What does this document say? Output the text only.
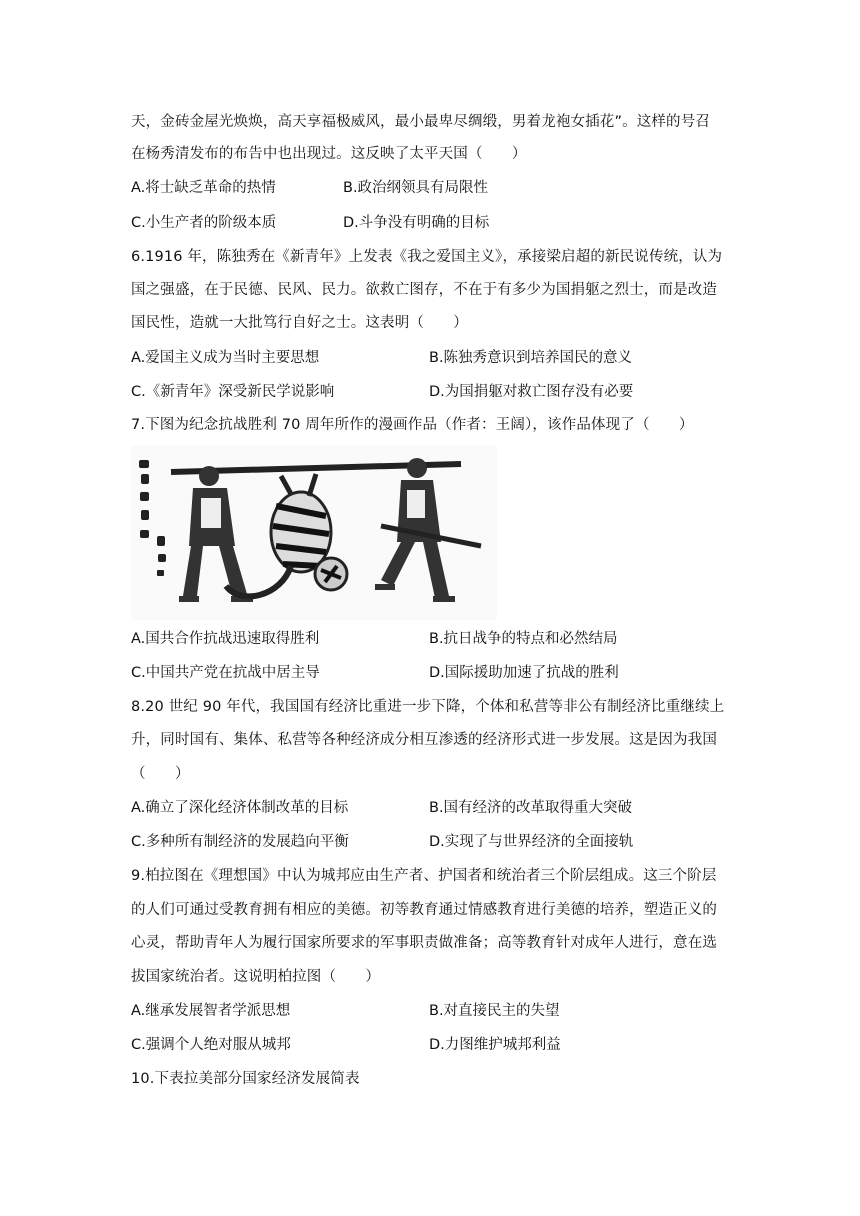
天，金砖金屋光焕焕，高天享福极威风，最小最卑尽绸缎，男着龙袍女插花”。这样的号召
在杨秀清发布的布告中也出现过。这反映了太平天国（　　）
A.将士缺乏革命的热情	B.政治纲领具有局限性
C.小生产者的阶级本质	D.斗争没有明确的目标
6.1916 年，陈独秀在《新青年》上发表《我之爱国主义》，承接梁启超的新民说传统，认为
国之强盛，在于民德、民风、民力。欲救亡图存，不在于有多少为国捐躯之烈士，而是改造
国民性，造就一大批笃行自好之士。这表明（　　）
A.爱国主义成为当时主要思想	B.陈独秀意识到培养国民的意义
C.《新青年》深受新民学说影响	D.为国捐躯对救亡图存没有必要
7.下图为纪念抗战胜利 70 周年所作的漫画作品（作者：王阔），该作品体现了（　　）
A.国共合作抗战迅速取得胜利	B.抗日战争的特点和必然结局
C.中国共产党在抗战中居主导	D.国际援助加速了抗战的胜利
8.20 世纪 90 年代，我国国有经济比重进一步下降，个体和私营等非公有制经济比重继续上
升，同时国有、集体、私营等各种经济成分相互渗透的经济形式进一步发展。这是因为我国
（　　）
A.确立了深化经济体制改革的目标	B.国有经济的改革取得重大突破
C.多种所有制经济的发展趋向平衡	D.实现了与世界经济的全面接轨
9.柏拉图在《理想国》中认为城邦应由生产者、护国者和统治者三个阶层组成。这三个阶层
的人们可通过受教育拥有相应的美德。初等教育通过情感教育进行美德的培养，塑造正义的
心灵，帮助青年人为履行国家所要求的军事职责做准备；高等教育针对成年人进行，意在选
拔国家统治者。这说明柏拉图（　　）
A.继承发展智者学派思想	B.对直接民主的失望
C.强调个人绝对服从城邦	D.力图维护城邦利益
10.下表拉美部分国家经济发展简表
